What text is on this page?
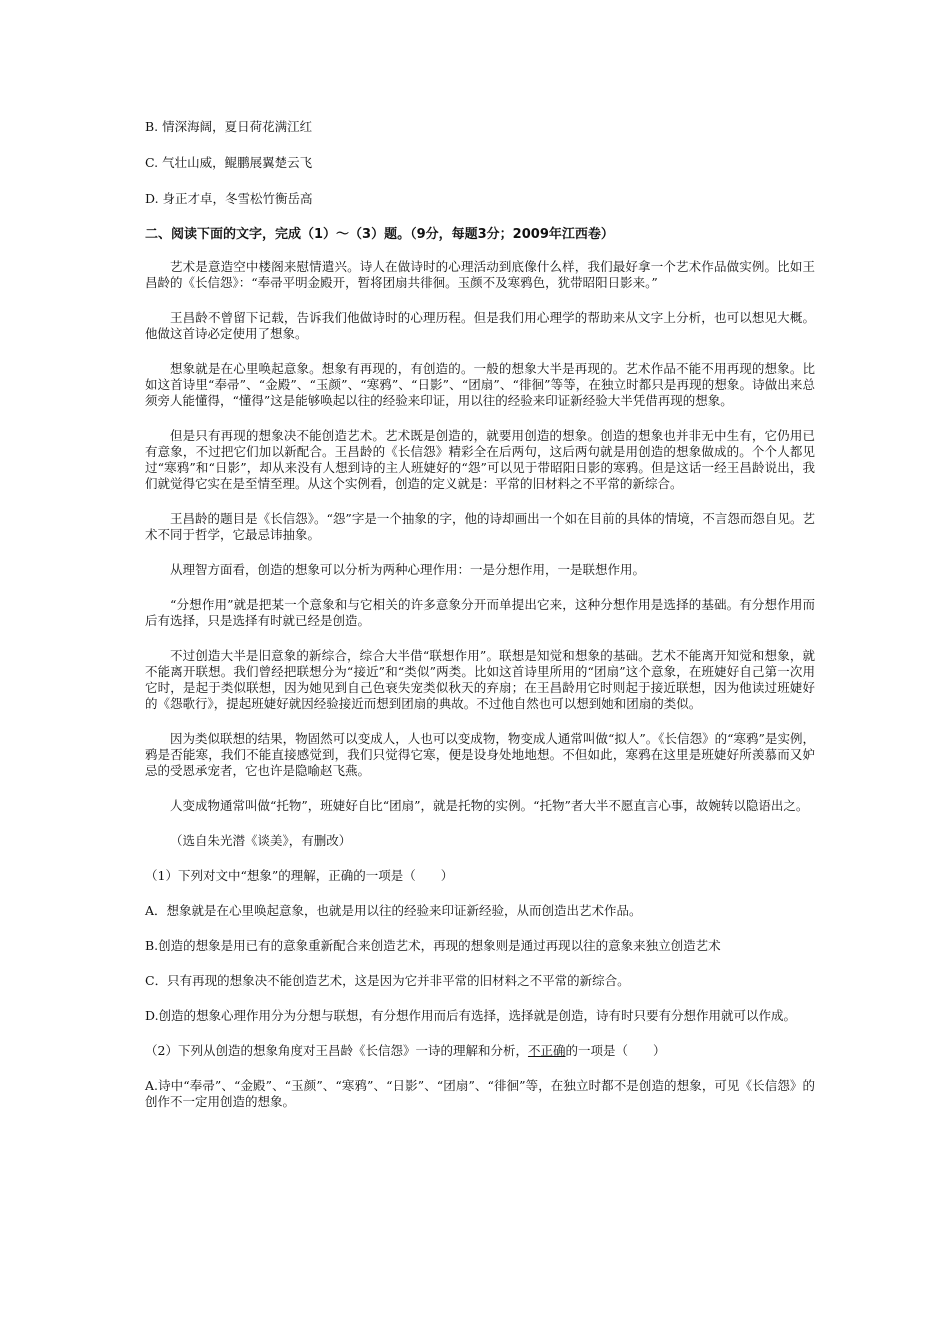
B. 情深海阔，夏日荷花满江红

C. 气壮山威，鲲鹏展翼楚云飞

D. 身正才卓，冬雪松竹衡岳高

二、阅读下面的文字，完成（1）～（3）题。（9分，每题3分；2009年江西卷）

艺术是意造空中楼阁来慰情遣兴。诗人在做诗时的心理活动到底像什么样，我们最好拿一个艺术作品做实例。比如王昌龄的《长信怨》：“奉帚平明金殿开，暂将团扇共徘徊。玉颜不及寒鸦色，犹带昭阳日影来。”

王昌龄不曾留下记载，告诉我们他做诗时的心理历程。但是我们用心理学的帮助来从文字上分析，也可以想见大概。他做这首诗必定使用了想象。

想象就是在心里唤起意象。想象有再现的，有创造的。一般的想象大半是再现的。艺术作品不能不用再现的想象。比如这首诗里“奉帚”、“金殿”、“玉颜”、“寒鸦”、“日影”、“团扇”、“徘徊”等等，在独立时都只是再现的想象。诗做出来总须旁人能懂得，“懂得”这是能够唤起以往的经验来印证，用以往的经验来印证新经验大半凭借再现的想象。

但是只有再现的想象决不能创造艺术。艺术既是创造的，就要用创造的想象。创造的想象也并非无中生有，它仍用已有意象，不过把它们加以新配合。王昌龄的《长信怨》精彩全在后两句，这后两句就是用创造的想象做成的。个个人都见过“寒鸦”和“日影”，却从来没有人想到诗的主人班婕好的“怨”可以见于带昭阳日影的寒鸦。但是这话一经王昌龄说出，我们就觉得它实在是至情至理。从这个实例看，创造的定义就是：平常的旧材料之不平常的新综合。

王昌龄的题目是《长信怨》。“怨”字是一个抽象的字，他的诗却画出一个如在目前的具体的情境，不言怨而怨自见。艺术不同于哲学，它最忌讳抽象。

从理智方面看，创造的想象可以分析为两种心理作用：一是分想作用，一是联想作用。

“分想作用”就是把某一个意象和与它相关的许多意象分开而单提出它来，这种分想作用是选择的基础。有分想作用而后有选择，只是选择有时就已经是创造。

不过创造大半是旧意象的新综合，综合大半借“联想作用”。联想是知觉和想象的基础。艺术不能离开知觉和想象，就不能离开联想。我们曾经把联想分为“接近”和“类似”两类。比如这首诗里所用的“团扇”这个意象，在班婕好自己第一次用它时，是起于类似联想，因为她见到自己色衰失宠类似秋天的弃扇；在王昌龄用它时则起于接近联想，因为他读过班婕好的《怨歌行》，提起班婕好就因经验接近而想到团扇的典故。不过他自然也可以想到她和团扇的类似。

因为类似联想的结果，物固然可以变成人，人也可以变成物，物变成人通常叫做“拟人”。《长信怨》的“寒鸦”是实例，鸦是否能寒，我们不能直接感觉到，我们只觉得它寒，便是设身处地地想。不但如此，寒鸦在这里是班婕好所羡慕而又妒忌的受恩承宠者，它也许是隐喻赵飞燕。

人变成物通常叫做“托物”，班婕好自比“团扇”，就是托物的实例。“托物”者大半不愿直言心事，故婉转以隐语出之。

（选自朱光潜《谈美》，有删改）

（1）下列对文中“想象”的理解，正确的一项是（　　）

A．想象就是在心里唤起意象，也就是用以往的经验来印证新经验，从而创造出艺术作品。

B.创造的想象是用已有的意象重新配合来创造艺术，再现的想象则是通过再现以往的意象来独立创造艺术

C．只有再现的想象决不能创造艺术，这是因为它并非平常的旧材料之不平常的新综合。

D.创造的想象心理作用分为分想与联想，有分想作用而后有选择，选择就是创造，诗有时只要有分想作用就可以作成。

（2）下列从创造的想象角度对王昌龄《长信怨》一诗的理解和分析，不正确的一项是（　　）

A.诗中“奉帚”、“金殿”、“玉颜”、“寒鸦”、“日影”、“团扇”、“徘徊”等，在独立时都不是创造的想象，可见《长信怨》的创作不一定用创造的想象。
